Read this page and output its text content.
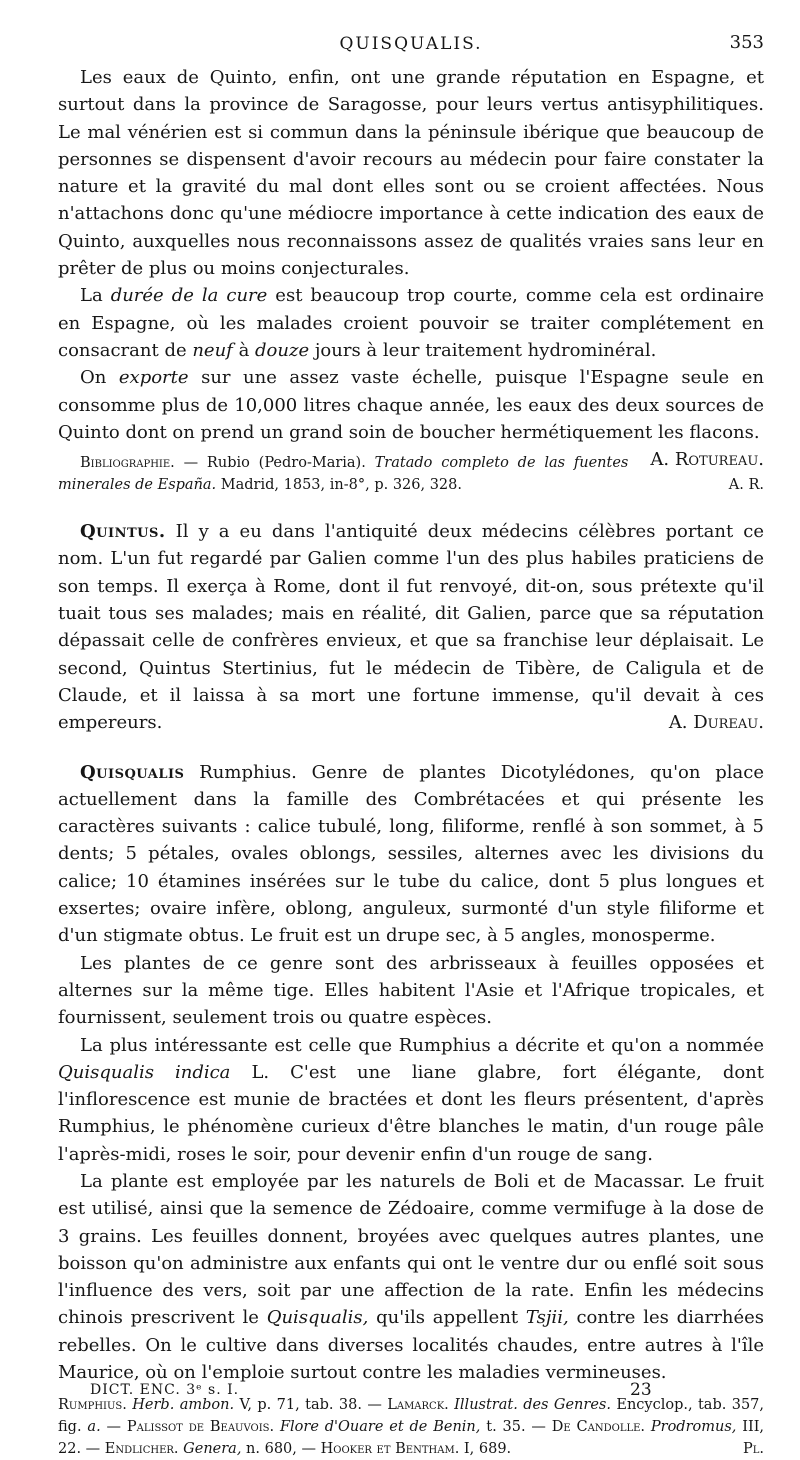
QUISQUALIS.	353

Les eaux de Quinto, enfin, ont une grande réputation en Espagne, et surtout dans la province de Saragosse, pour leurs vertus antisyphilitiques. Le mal vénérien est si commun dans la péninsule ibérique que beaucoup de personnes se dispensent d'avoir recours au médecin pour faire constater la nature et la gravité du mal dont elles sont ou se croient affectées. Nous n'attachons donc qu'une médiocre importance à cette indication des eaux de Quinto, auxquelles nous reconnaissons assez de qualités vraies sans leur en prêter de plus ou moins conjecturales.

La durée de la cure est beaucoup trop courte, comme cela est ordinaire en Espagne, où les malades croient pouvoir se traiter complétement en consacrant de neuf à douze jours à leur traitement hydrominéral.

On exporte sur une assez vaste échelle, puisque l'Espagne seule en consomme plus de 10,000 litres chaque année, les eaux des deux sources de Quinto dont on prend un grand soin de boucher hermétiquement les flacons.
A. Rotureau.

Bibliographie. — Rubio (Pedro-Maria). Tratado completo de las fuentes minerales de España. Madrid, 1853, in-8°, p. 326, 328.	A. R.

Quintus. Il y a eu dans l'antiquité deux médecins célèbres portant ce nom. L'un fut regardé par Galien comme l'un des plus habiles praticiens de son temps. Il exerça à Rome, dont il fut renvoyé, dit-on, sous prétexte qu'il tuait tous ses malades; mais en réalité, dit Galien, parce que sa réputation dépassait celle de confrères envieux, et que sa franchise leur déplaisait. Le second, Quintus Stertinius, fut le médecin de Tibère, de Caligula et de Claude, et il laissa à sa mort une fortune immense, qu'il devait à ces empereurs.	A. Dureau.

Quisqualis Rumphius. Genre de plantes Dicotylédones, qu'on place actuellement dans la famille des Combrétacées et qui présente les caractères suivants : calice tubulé, long, filiforme, renflé à son sommet, à 5 dents; 5 pétales, ovales oblongs, sessiles, alternes avec les divisions du calice; 10 étamines insérées sur le tube du calice, dont 5 plus longues et exsertes; ovaire infère, oblong, anguleux, surmonté d'un style filiforme et d'un stigmate obtus. Le fruit est un drupe sec, à 5 angles, monosperme.

Les plantes de ce genre sont des arbrisseaux à feuilles opposées et alternes sur la même tige. Elles habitent l'Asie et l'Afrique tropicales, et fournissent, seulement trois ou quatre espèces.

La plus intéressante est celle que Rumphius a décrite et qu'on a nommée Quisqualis indica L. C'est une liane glabre, fort élégante, dont l'inflorescence est munie de bractées et dont les fleurs présentent, d'après Rumphius, le phénomène curieux d'être blanches le matin, d'un rouge pâle l'après-midi, roses le soir, pour devenir enfin d'un rouge de sang.

La plante est employée par les naturels de Boli et de Macassar. Le fruit est utilisé, ainsi que la semence de Zédoaire, comme vermifuge à la dose de 3 grains. Les feuilles donnent, broyées avec quelques autres plantes, une boisson qu'on administre aux enfants qui ont le ventre dur ou enflé soit sous l'influence des vers, soit par une affection de la rate. Enfin les médecins chinois prescrivent le Quisqualis, qu'ils appellent Tsjii, contre les diarrhées rebelles. On le cultive dans diverses localités chaudes, entre autres à l'île Maurice, où on l'emploie surtout contre les maladies vermineuses.

Rumphius. Herb. ambon. V, p. 71, tab. 38. — Lamarck. Illustrat. des Genres. Encyclop., tab. 357, fig. a. — Palissot de Beauvois. Flore d'Ouare et de Benin, t. 35. — De Candolle. Prodromus, III, 22. — Endlicher. Genera, n. 680, — Hooker et Bentham. I, 689.	Pl.

DICT. ENC. 3ᵉ s. I.	23
